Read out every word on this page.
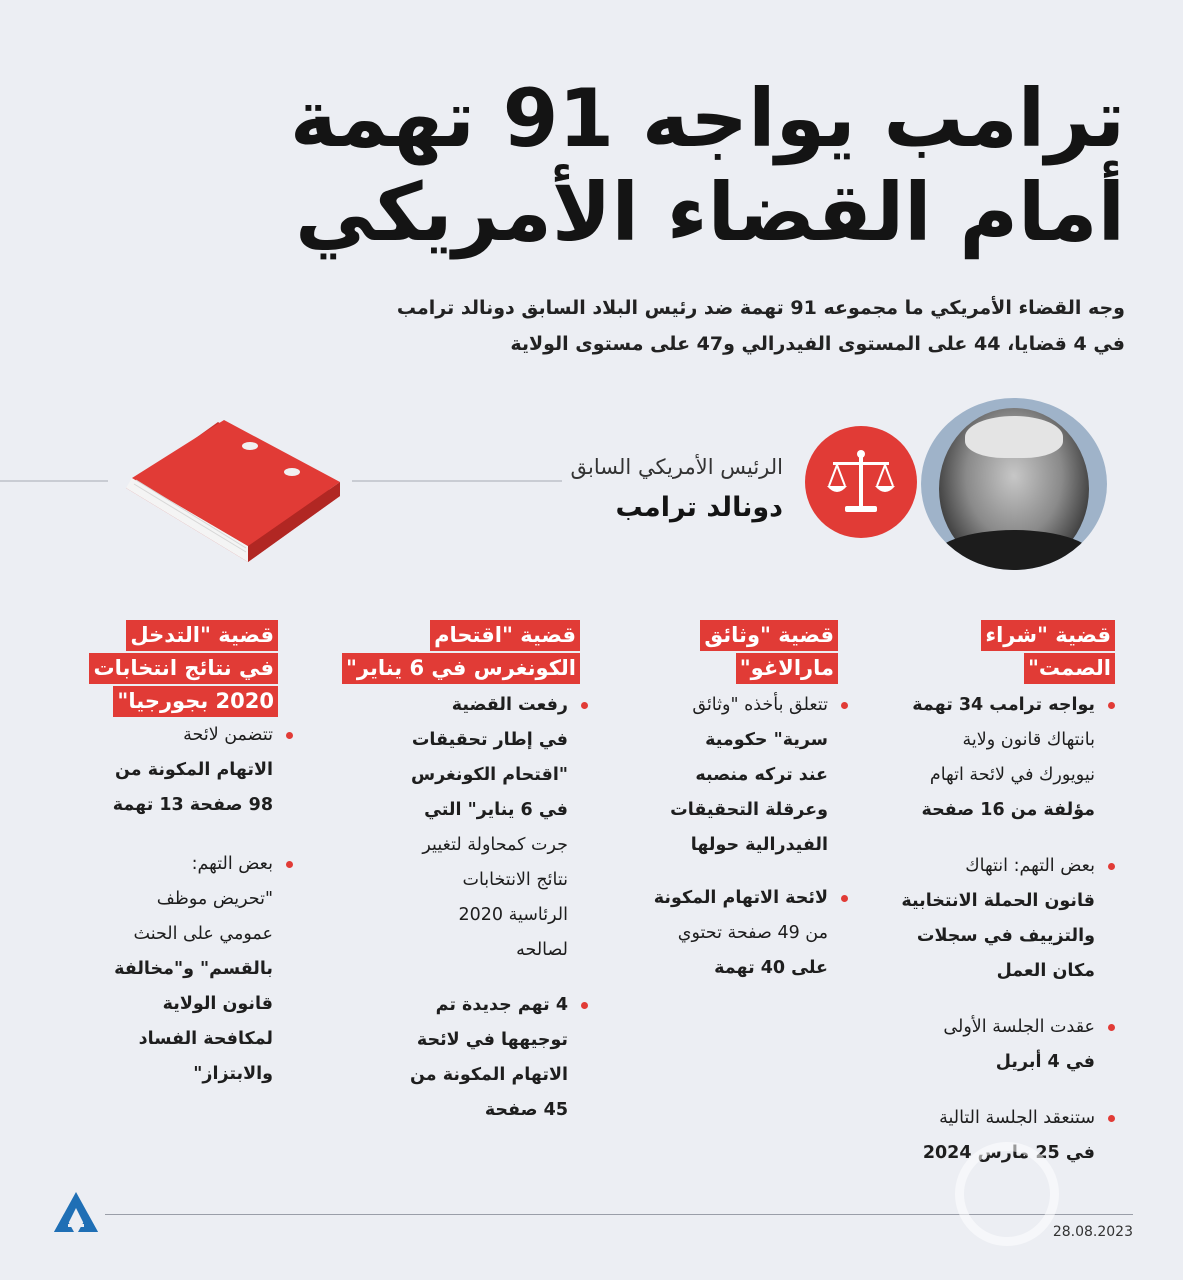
ترامب يواجه 91 تهمة
أمام القضاء الأمريكي
وجه القضاء الأمريكي ما مجموعه 91 تهمة ضد رئيس البلاد السابق دونالد ترامب
في 4 قضايا، 44 على المستوى الفيدرالي و47 على مستوى الولاية
الرئيس الأمريكي السابق
دونالد ترامب
قضية "شراء
الصمت"
يواجه ترامب 34 تهمة
بانتهاك قانون ولاية
نيويورك في لائحة اتهام
مؤلفة من 16 صفحة
بعض التهم: انتهاك
قانون الحملة الانتخابية
والتزييف في سجلات
مكان العمل
عقدت الجلسة الأولى
في 4 أبريل
ستنعقد الجلسة التالية
في 25 مارس 2024
قضية "وثائق
مارالاغو"
تتعلق بأخذه "وثائق
سرية" حكومية
عند تركه منصبه
وعرقلة التحقيقات
الفيدرالية حولها
لائحة الاتهام المكونة
من 49 صفحة تحتوي
على 40 تهمة
قضية "اقتحام
الكونغرس في 6 يناير"
رفعت القضية
في إطار تحقيقات
"اقتحام الكونغرس
في 6 يناير" التي
جرت كمحاولة لتغيير
نتائج الانتخابات
الرئاسية 2020
لصالحه
4 تهم جديدة تم
توجيهها في لائحة
الاتهام المكونة من
45 صفحة
قضية "التدخل
في نتائج انتخابات
2020 بجورجيا"
تتضمن لائحة
الاتهام المكونة من
98 صفحة 13 تهمة
بعض التهم:
"تحريض موظف
عمومي على الحنث
بالقسم" و"مخالفة
قانون الولاية
لمكافحة الفساد
والابتزاز"
28.08.2023
